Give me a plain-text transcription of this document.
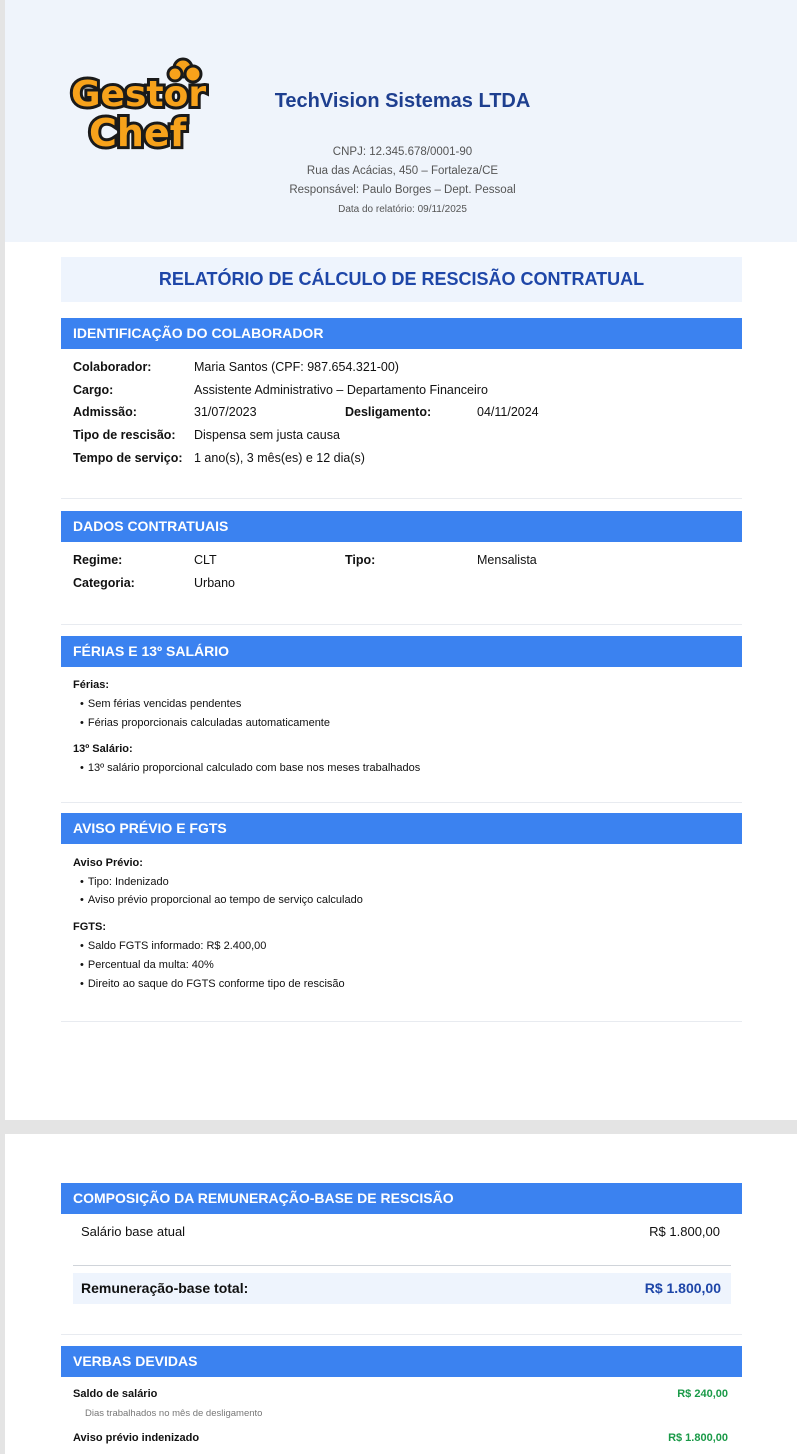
Gestor
Chef
TechVision Sistemas LTDA
CNPJ: 12.345.678/0001-90
Rua das Acácias, 450 – Fortaleza/CE
Responsável: Paulo Borges – Dept. Pessoal
Data do relatório: 09/11/2025
RELATÓRIO DE CÁLCULO DE RESCISÃO CONTRATUAL
IDENTIFICAÇÃO DO COLABORADOR
Colaborador:	Maria Santos (CPF: 987.654.321-00)
Cargo:	Assistente Administrativo – Departamento Financeiro
Admissão:	31/07/2023	Desligamento:	04/11/2024
Tipo de rescisão: Dispensa sem justa causa
Tempo de serviço: 1 ano(s), 3 mês(es) e 12 dia(s)
DADOS CONTRATUAIS
Regime:	CLT	Tipo:	Mensalista
Categoria:	Urbano
FÉRIAS E 13º SALÁRIO
Férias:
• Sem férias vencidas pendentes
• Férias proporcionais calculadas automaticamente
13º Salário:
• 13º salário proporcional calculado com base nos meses trabalhados
AVISO PRÉVIO E FGTS
Aviso Prévio:
• Tipo: Indenizado
• Aviso prévio proporcional ao tempo de serviço calculado
FGTS:
• Saldo FGTS informado: R$ 2.400,00
• Percentual da multa: 40%
• Direito ao saque do FGTS conforme tipo de rescisão
COMPOSIÇÃO DA REMUNERAÇÃO-BASE DE RESCISÃO
Salário base atual	R$ 1.800,00
Remuneração-base total:	R$ 1.800,00
VERBAS DEVIDAS
Saldo de salário	R$ 240,00
Dias trabalhados no mês de desligamento
Aviso prévio indenizado	R$ 1.800,00
